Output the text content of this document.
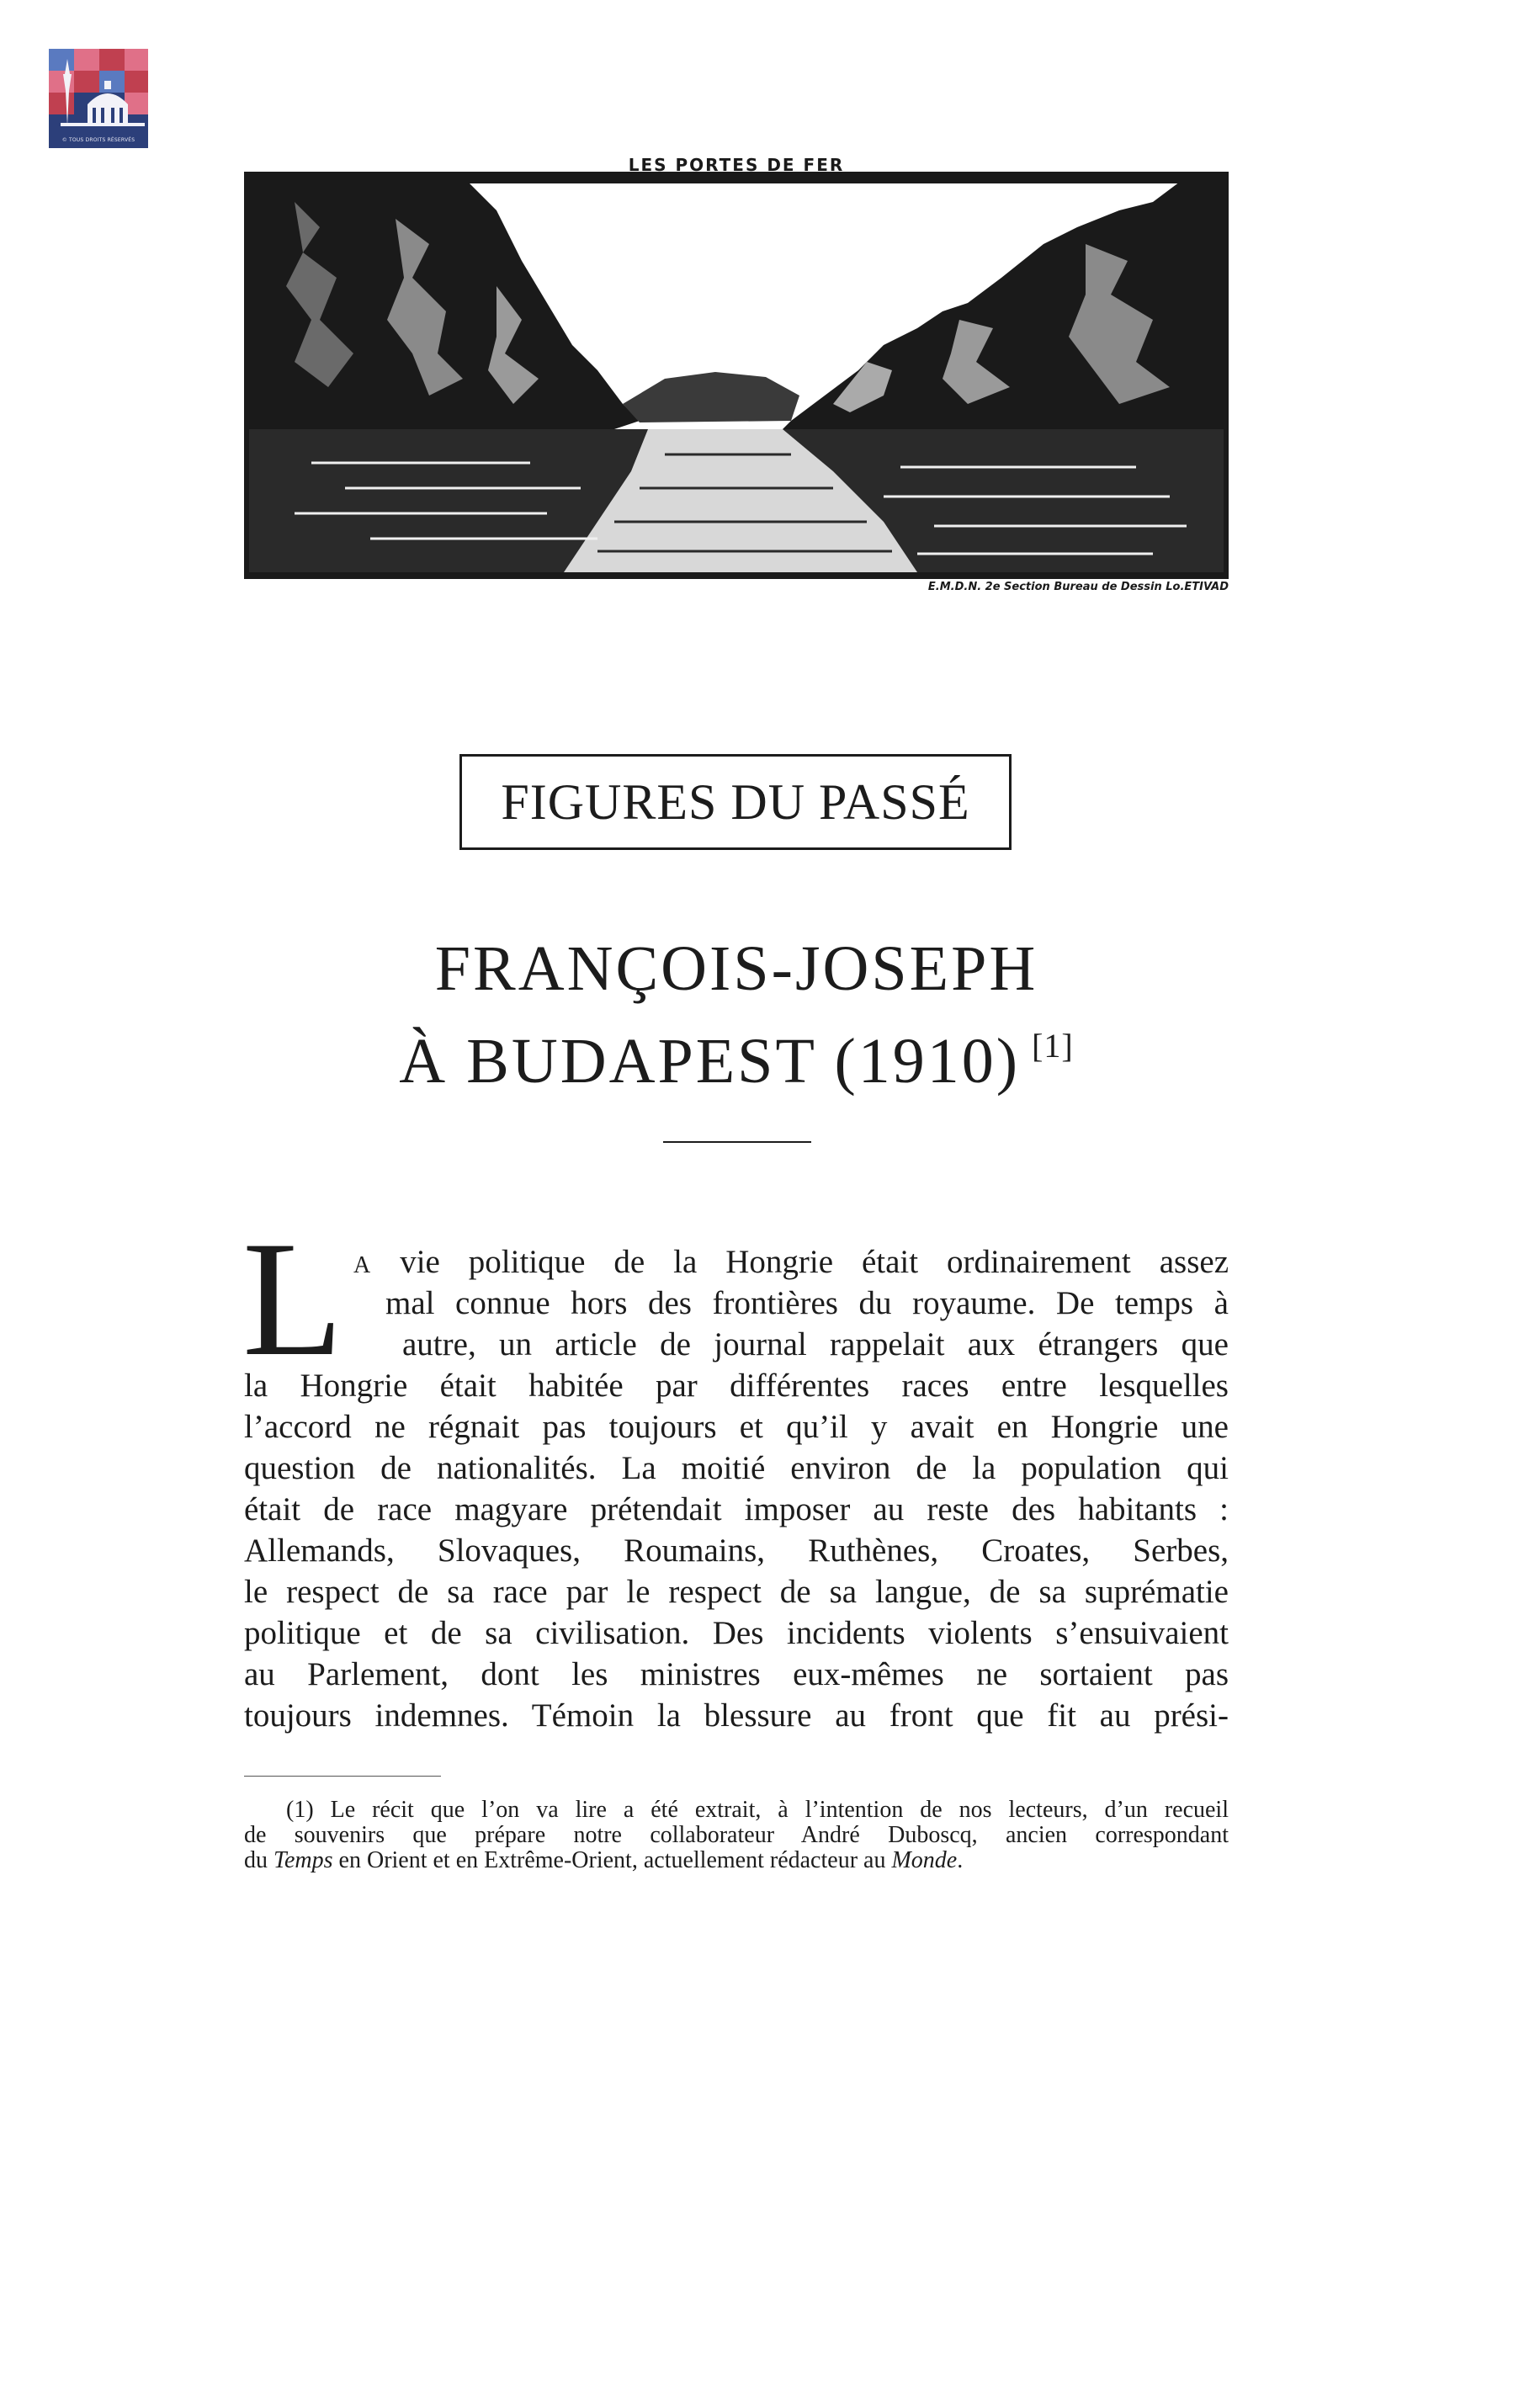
© TOUS DROITS RÉSERVÉS
LES PORTES DE FER
E.M.D.N. 2e Section Bureau de Dessin Lo.ETIVAD
FIGURES DU PASSÉ
FRANÇOIS-JOSEPH
À BUDAPEST (1910) [1]
L A vie politique de la Hongrie était ordinairement assez
mal connue hors des frontières du royaume. De temps à
autre, un article de journal rappelait aux étrangers que
la Hongrie était habitée par différentes races entre lesquelles
l’accord ne régnait pas toujours et qu’il y avait en Hongrie une
question de nationalités. La moitié environ de la population qui
était de race magyare prétendait imposer au reste des habitants :
Allemands, Slovaques, Roumains, Ruthènes, Croates, Serbes,
le respect de sa race par le respect de sa langue, de sa suprématie
politique et de sa civilisation. Des incidents violents s’ensuivaient
au Parlement, dont les ministres eux-mêmes ne sortaient pas
toujours indemnes. Témoin la blessure au front que fit au prési-
(1) Le récit que l’on va lire a été extrait, à l’intention de nos lecteurs, d’un recueil
de souvenirs que prépare notre collaborateur André Duboscq, ancien correspondant
du Temps en Orient et en Extrême-Orient, actuellement rédacteur au Monde.
